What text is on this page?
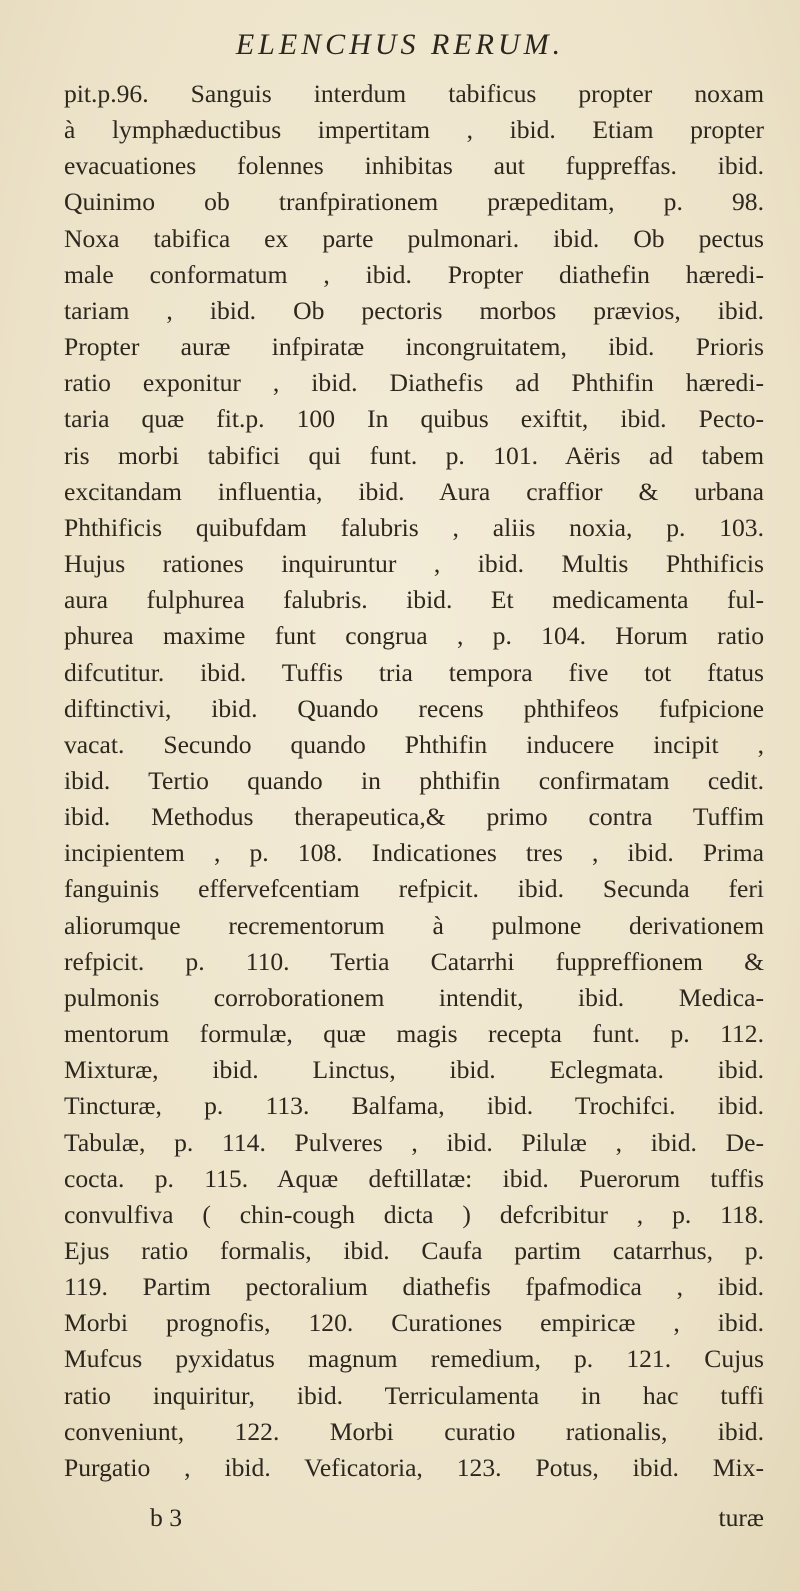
ELENCHUS RERUM.
pit.p.96. Sanguis interdum tabificus propter noxam
à lymphæductibus impertitam , ibid. Etiam propter
evacuationes folennes inhibitas aut fuppreffas. ibid.
Quinimo ob tranfpirationem præpeditam, p. 98.
Noxa tabifica ex parte pulmonari. ibid. Ob pectus
male conformatum , ibid. Propter diathefin hæredi-
tariam , ibid. Ob pectoris morbos prævios, ibid.
Propter auræ infpiratæ incongruitatem, ibid. Prioris
ratio exponitur , ibid. Diathefis ad Phthifin hæredi-
taria quæ fit.p. 100 In quibus exiftit, ibid. Pecto-
ris morbi tabifici qui funt. p. 101. Aëris ad tabem
excitandam influentia, ibid. Aura craffior & urbana
Phthificis quibufdam falubris , aliis noxia, p. 103.
Hujus rationes inquiruntur , ibid. Multis Phthificis
aura fulphurea falubris. ibid. Et medicamenta ful-
phurea maxime funt congrua , p. 104. Horum ratio
difcutitur. ibid. Tuffis tria tempora five tot ftatus
diftinctivi, ibid. Quando recens phthifeos fufpicione
vacat. Secundo quando Phthifin inducere incipit ,
ibid. Tertio quando in phthifin confirmatam cedit.
ibid. Methodus therapeutica,& primo contra Tuffim
incipientem , p. 108. Indicationes tres , ibid. Prima
fanguinis effervefcentiam refpicit. ibid. Secunda feri
aliorumque recrementorum à pulmone derivationem
refpicit. p. 110. Tertia Catarrhi fuppreffionem &
pulmonis corroborationem intendit, ibid. Medica-
mentorum formulæ, quæ magis recepta funt. p. 112.
Mixturæ, ibid. Linctus, ibid. Eclegmata. ibid.
Tincturæ, p. 113. Balfama, ibid. Trochifci. ibid.
Tabulæ, p. 114. Pulveres , ibid. Pilulæ , ibid. De-
cocta. p. 115. Aquæ deftillatæ: ibid. Puerorum tuffis
convulfiva ( chin-cough dicta ) defcribitur , p. 118.
Ejus ratio formalis, ibid. Caufa partim catarrhus, p.
119. Partim pectoralium diathefis fpafmodica , ibid.
Morbi prognofis, 120. Curationes empiricæ , ibid.
Mufcus pyxidatus magnum remedium, p. 121. Cujus
ratio inquiritur, ibid. Terriculamenta in hac tuffi
conveniunt, 122. Morbi curatio rationalis, ibid.
Purgatio , ibid. Veficatoria, 123. Potus, ibid. Mix-
b 3	turæ
